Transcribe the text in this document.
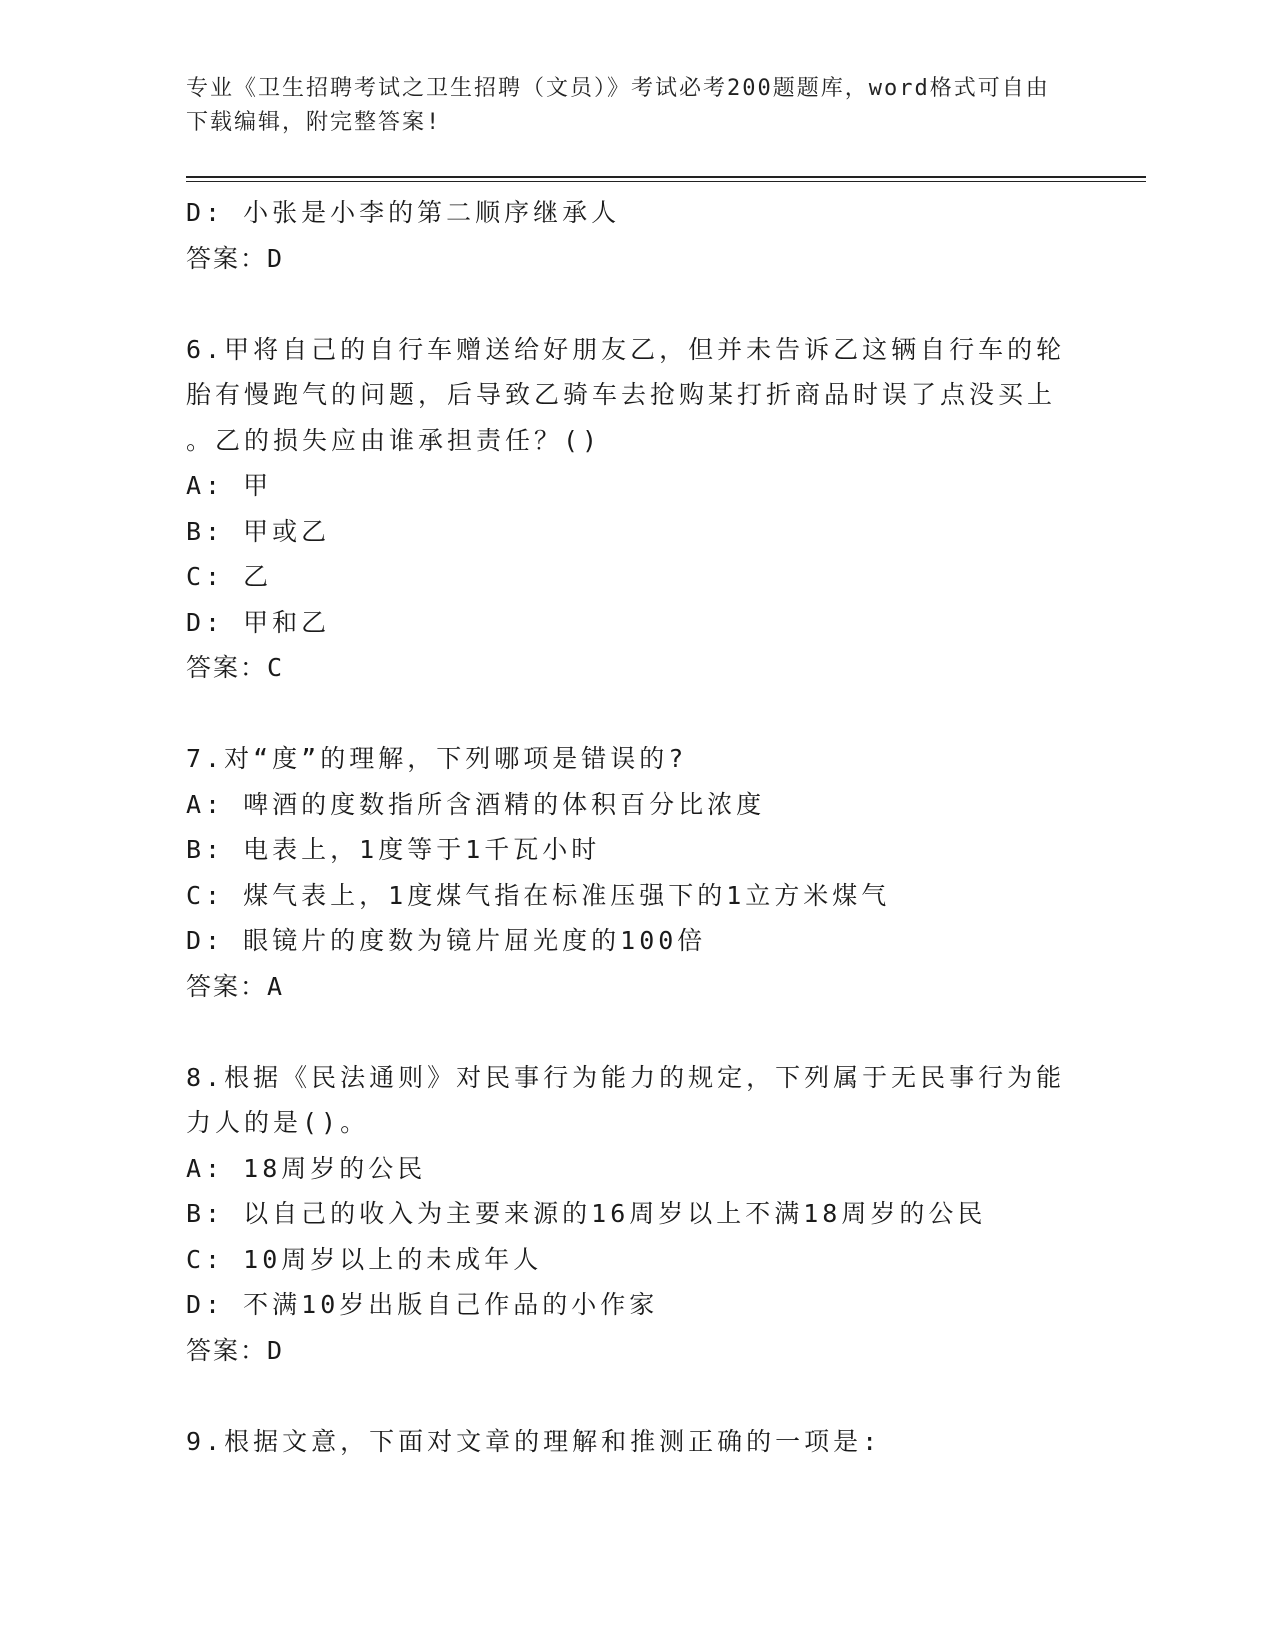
专业《卫生招聘考试之卫生招聘（文员）》考试必考200题题库，word格式可自由下载编辑，附完整答案!
D: 小张是小李的第二顺序继承人
答案：D
6.甲将自己的自行车赠送给好朋友乙，但并未告诉乙这辆自行车的轮
胎有慢跑气的问题，后导致乙骑车去抢购某打折商品时误了点没买上
。乙的损失应由谁承担责任？()
A: 甲
B: 甲或乙
C: 乙
D: 甲和乙
答案：C
7.对“度”的理解，下列哪项是错误的?
A: 啤酒的度数指所含酒精的体积百分比浓度
B: 电表上，1度等于1千瓦小时
C: 煤气表上，1度煤气指在标准压强下的1立方米煤气
D: 眼镜片的度数为镜片屈光度的100倍
答案：A
8.根据《民法通则》对民事行为能力的规定，下列属于无民事行为能
力人的是()。
A: 18周岁的公民
B: 以自己的收入为主要来源的16周岁以上不满18周岁的公民
C: 10周岁以上的未成年人
D: 不满10岁出版自己作品的小作家
答案：D
9.根据文意，下面对文章的理解和推测正确的一项是:
